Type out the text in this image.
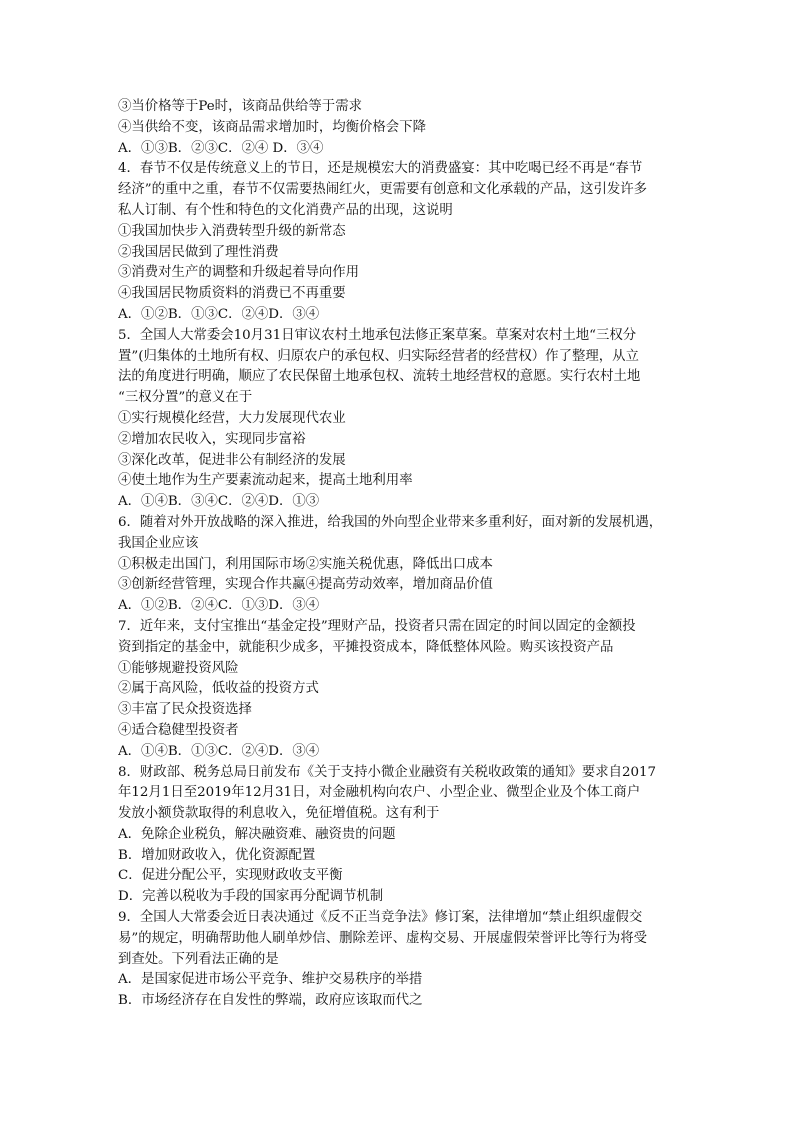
③当价格等于Pe时，该商品供给等于需求
④当供给不变，该商品需求增加时，均衡价格会下降
A．①③B．②③C．②④ D．③④
4．春节不仅是传统意义上的节日，还是规模宏大的消费盛宴：其中吃喝已经不再是“春节
经济”的重中之重，春节不仅需要热闹红火，更需要有创意和文化承载的产品，这引发许多
私人订制、有个性和特色的文化消费产品的出现，这说明
①我国加快步入消费转型升级的新常态
②我国居民做到了理性消费
③消费对生产的调整和升级起着导向作用
④我国居民物质资料的消费已不再重要
A．①②B．①③C．②④D．③④
5．全国人大常委会10月31日审议农村土地承包法修正案草案。草案对农村土地“三权分
置”(归集体的土地所有权、归原农户的承包权、归实际经营者的经营权）作了整理，从立
法的角度进行明确，顺应了农民保留土地承包权、流转土地经营权的意愿。实行农村土地
“三权分置”的意义在于
①实行规模化经营，大力发展现代农业
②增加农民收入，实现同步富裕
③深化改革，促进非公有制经济的发展
④使土地作为生产要素流动起来，提高土地利用率
A．①④B．③④C．②④D．①③
6．随着对外开放战略的深入推进，给我国的外向型企业带来多重利好，面对新的发展机遇，
我国企业应该
①积极走出国门，利用国际市场②实施关税优惠，降低出口成本
③创新经营管理，实现合作共赢④提高劳动效率，增加商品价值
A．①②B．②④C．①③D．③④
7．近年来，支付宝推出“基金定投”理财产品，投资者只需在固定的时间以固定的金额投
资到指定的基金中，就能积少成多，平摊投资成本，降低整体风险。购买该投资产品
①能够规避投资风险
②属于高风险，低收益的投资方式
③丰富了民众投资选择
④适合稳健型投资者
A．①④B．①③C．②④D．③④
8．财政部、税务总局日前发布《关于支持小微企业融资有关税收政策的通知》要求自2017
年12月1日至2019年12月31日，对金融机构向农户、小型企业、微型企业及个体工商户
发放小额贷款取得的利息收入，免征增值税。这有利于
A．免除企业税负，解决融资难、融资贵的问题
B．增加财政收入，优化资源配置
C．促进分配公平，实现财政收支平衡
D．完善以税收为手段的国家再分配调节机制
9．全国人大常委会近日表决通过《反不正当竞争法》修订案，法律增加“禁止组织虚假交
易”的规定，明确帮助他人刷单炒信、删除差评、虚构交易、开展虚假荣誉评比等行为将受
到查处。下列看法正确的是
A．是国家促进市场公平竞争、维护交易秩序的举措
B．市场经济存在自发性的弊端，政府应该取而代之
